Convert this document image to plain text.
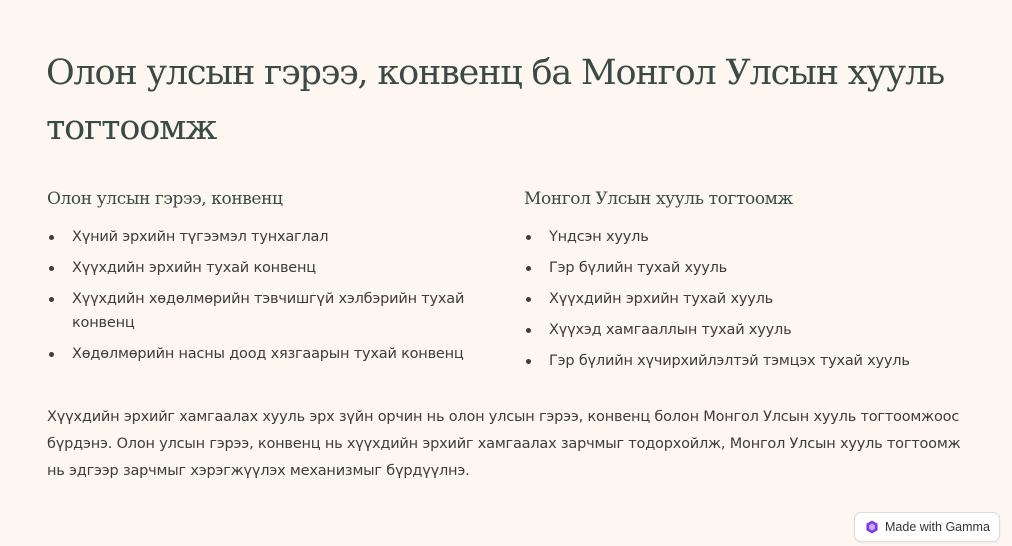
Олон улсын гэрээ, конвенц ба Монгол Улсын хууль тогтоомж
Олон улсын гэрээ, конвенц
Хүний эрхийн түгээмэл тунхаглал
Хүүхдийн эрхийн тухай конвенц
Хүүхдийн хөдөлмөрийн тэвчишгүй хэлбэрийн тухай конвенц
Хөдөлмөрийн насны доод хязгаарын тухай конвенц
Монгол Улсын хууль тогтоомж
Үндсэн хууль
Гэр бүлийн тухай хууль
Хүүхдийн эрхийн тухай хууль
Хүүхэд хамгааллын тухай хууль
Гэр бүлийн хүчирхийлэлтэй тэмцэх тухай хууль

Хүүхдийн эрхийг хамгаалах хууль эрх зүйн орчин нь олон улсын гэрээ, конвенц болон Монгол Улсын хууль тогтоомжоос бүрдэнэ. Олон улсын гэрээ, конвенц нь хүүхдийн эрхийг хамгаалах зарчмыг тодорхойлж, Монгол Улсын хууль тогтоомж нь эдгээр зарчмыг хэрэгжүүлэх механизмыг бүрдүүлнэ.

Made with Gamma
